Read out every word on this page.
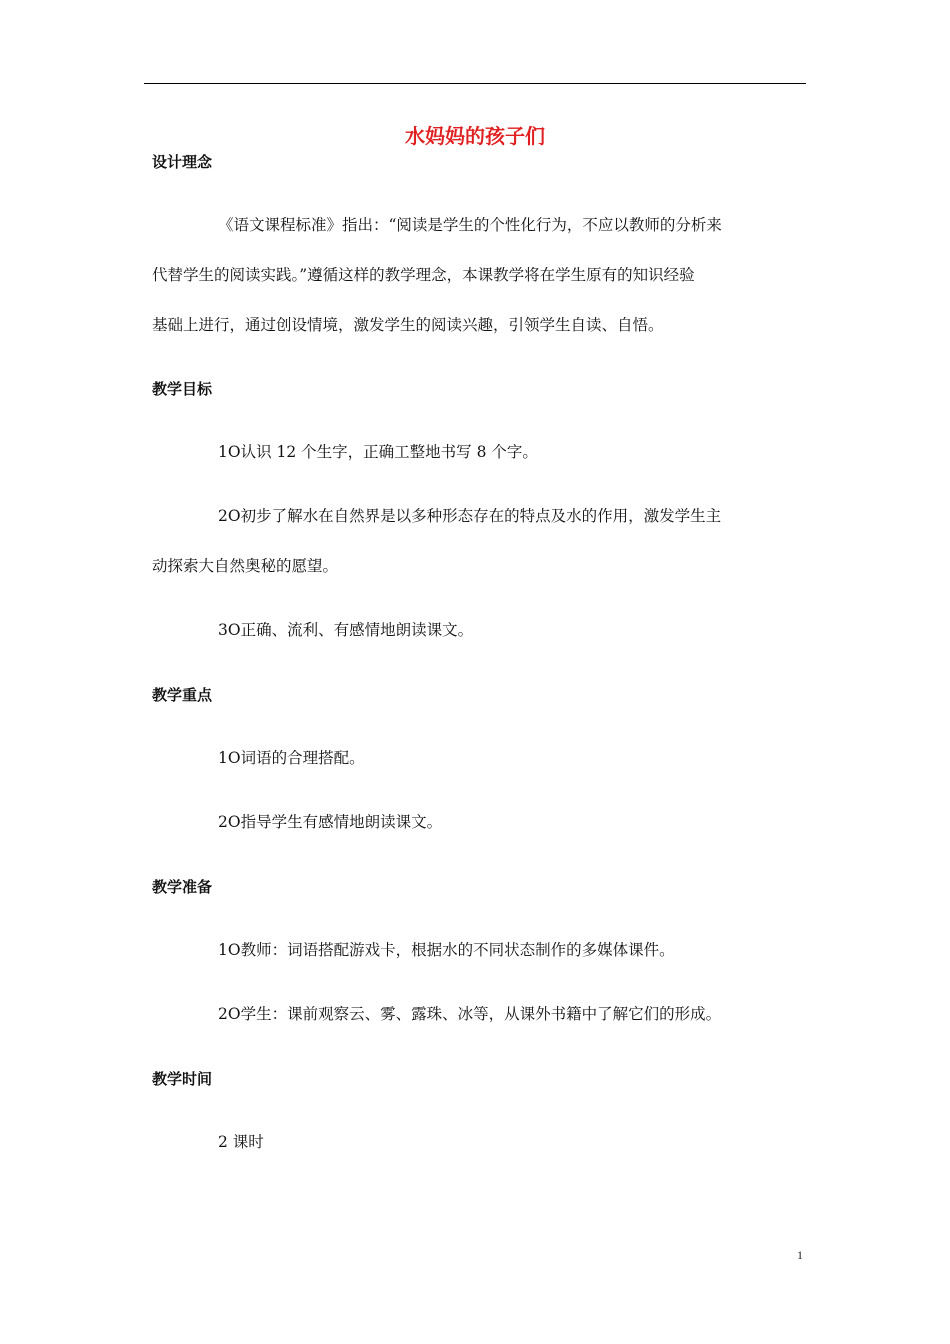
水妈妈的孩子们
设计理念
《语文课程标准》指出：“阅读是学生的个性化行为，不应以教师的分析来
代替学生的阅读实践。”遵循这样的教学理念，本课教学将在学生原有的知识经验
基础上进行，通过创设情境，激发学生的阅读兴趣，引领学生自读、自悟。
教学目标
1O认识 12 个生字，正确工整地书写 8 个字。
2O初步了解水在自然界是以多种形态存在的特点及水的作用，激发学生主
动探索大自然奥秘的愿望。
3O正确、流利、有感情地朗读课文。
教学重点
1O词语的合理搭配。
2O指导学生有感情地朗读课文。
教学准备
1O教师：词语搭配游戏卡，根据水的不同状态制作的多媒体课件。
2O学生：课前观察云、雾、露珠、冰等，从课外书籍中了解它们的形成。
教学时间
2 课时
1
